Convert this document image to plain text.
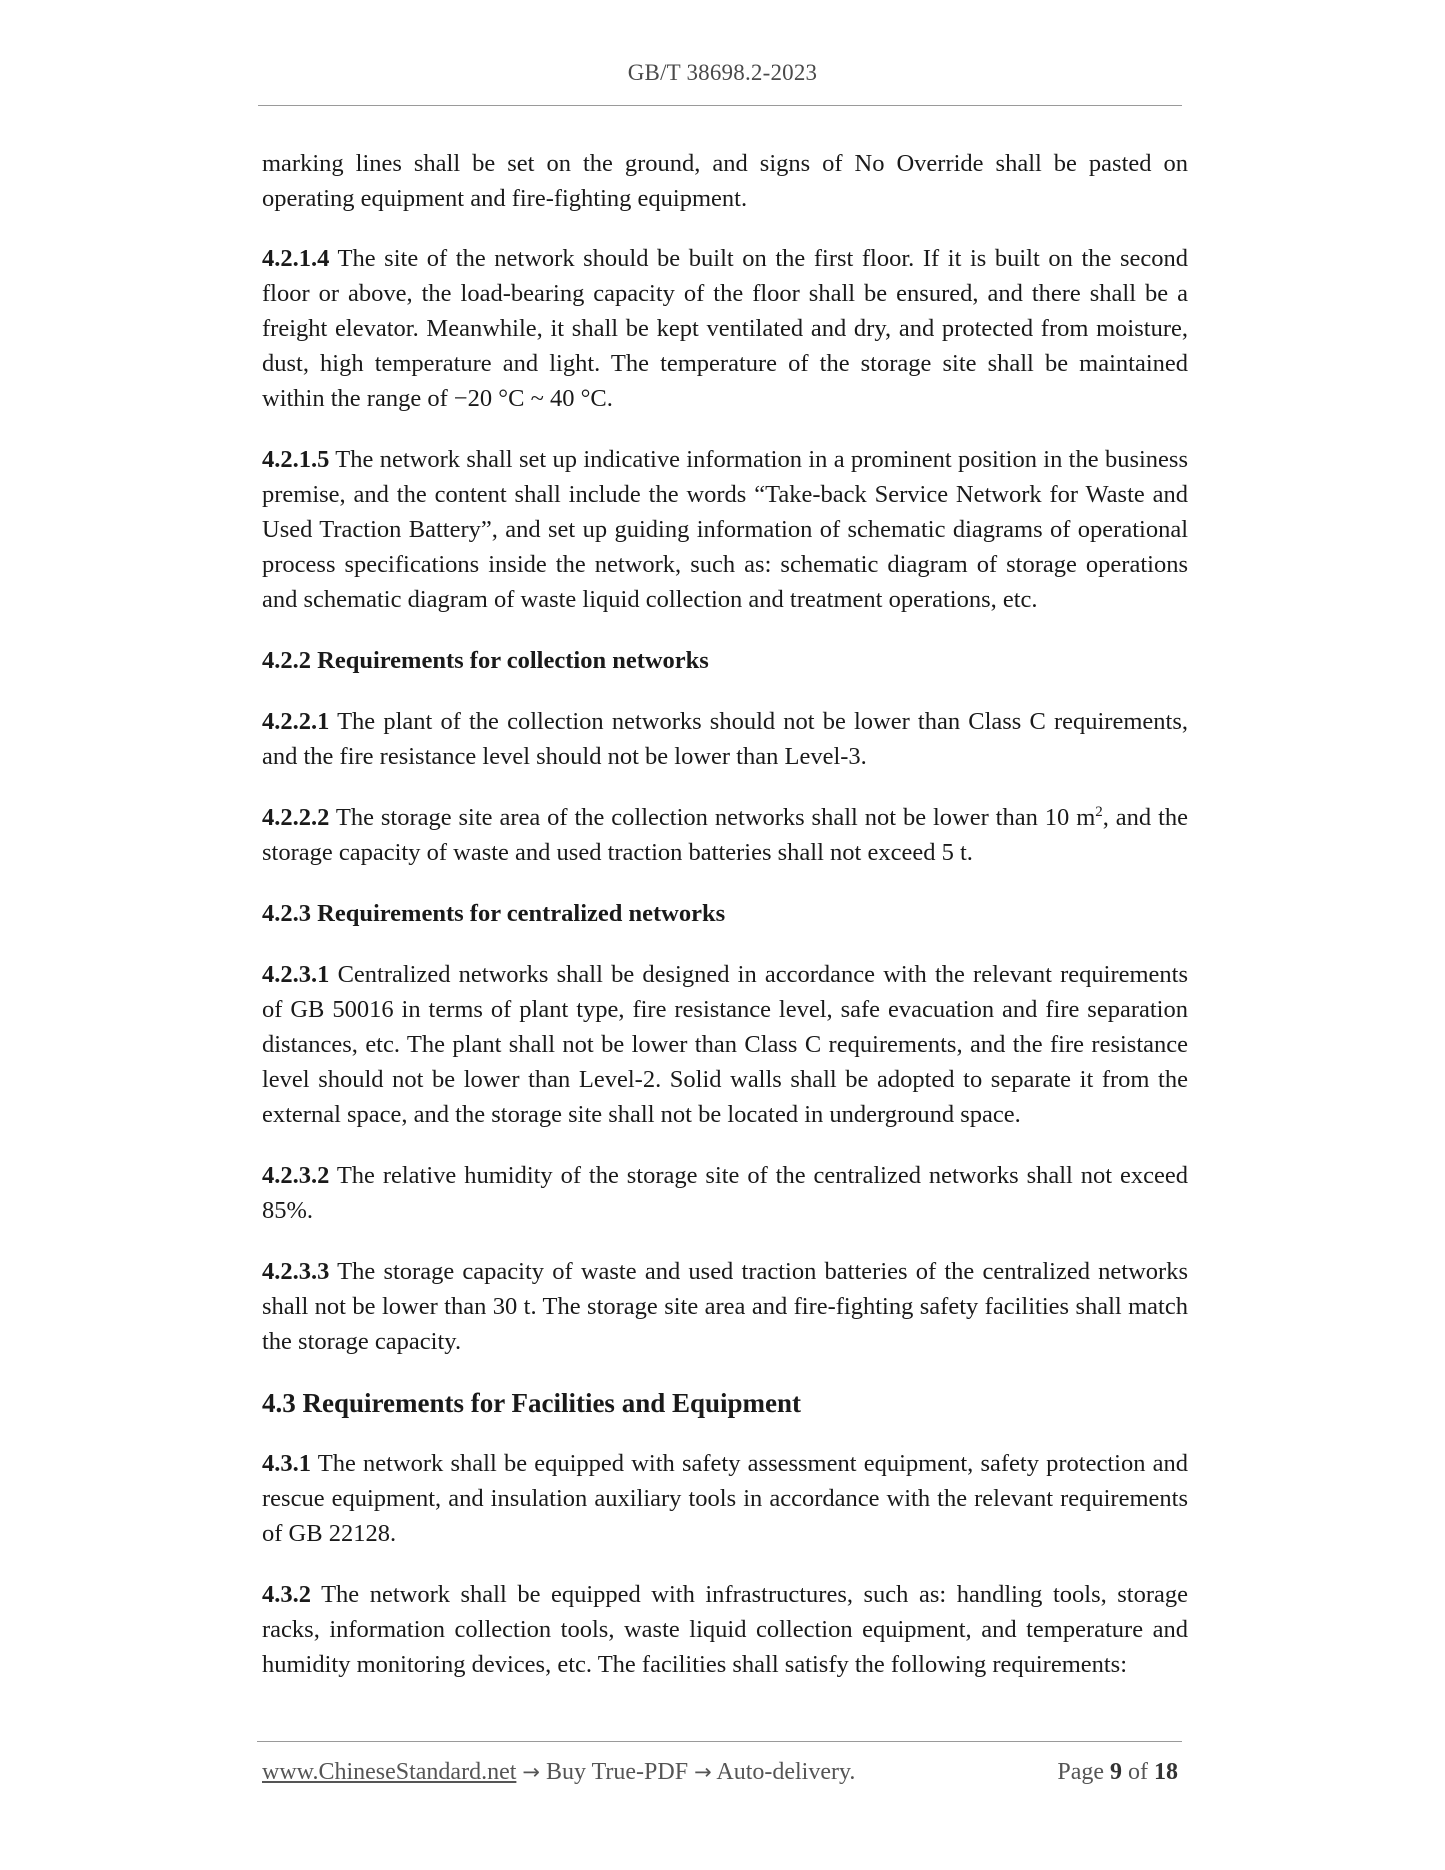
GB/T 38698.2-2023

marking lines shall be set on the ground, and signs of No Override shall be pasted on operating equipment and fire-fighting equipment.

4.2.1.4 The site of the network should be built on the first floor. If it is built on the second floor or above, the load-bearing capacity of the floor shall be ensured, and there shall be a freight elevator. Meanwhile, it shall be kept ventilated and dry, and protected from moisture, dust, high temperature and light. The temperature of the storage site shall be maintained within the range of −20 °C ~ 40 °C.

4.2.1.5 The network shall set up indicative information in a prominent position in the business premise, and the content shall include the words “Take-back Service Network for Waste and Used Traction Battery”, and set up guiding information of schematic diagrams of operational process specifications inside the network, such as: schematic diagram of storage operations and schematic diagram of waste liquid collection and treatment operations, etc.

4.2.2 Requirements for collection networks

4.2.2.1 The plant of the collection networks should not be lower than Class C requirements, and the fire resistance level should not be lower than Level-3.

4.2.2.2 The storage site area of the collection networks shall not be lower than 10 $m^2$, and the storage capacity of waste and used traction batteries shall not exceed 5 t.

4.2.3 Requirements for centralized networks

4.2.3.1 Centralized networks shall be designed in accordance with the relevant requirements of GB 50016 in terms of plant type, fire resistance level, safe evacuation and fire separation distances, etc. The plant shall not be lower than Class C requirements, and the fire resistance level should not be lower than Level-2. Solid walls shall be adopted to separate it from the external space, and the storage site shall not be located in underground space.

4.2.3.2 The relative humidity of the storage site of the centralized networks shall not exceed 85%.

4.2.3.3 The storage capacity of waste and used traction batteries of the centralized networks shall not be lower than 30 t. The storage site area and fire-fighting safety facilities shall match the storage capacity.

4.3 Requirements for Facilities and Equipment

4.3.1 The network shall be equipped with safety assessment equipment, safety protection and rescue equipment, and insulation auxiliary tools in accordance with the relevant requirements of GB 22128.

4.3.2 The network shall be equipped with infrastructures, such as: handling tools, storage racks, information collection tools, waste liquid collection equipment, and temperature and humidity monitoring devices, etc. The facilities shall satisfy the following requirements:

www.ChineseStandard.net → Buy True-PDF → Auto-delivery.	Page 9 of 18
